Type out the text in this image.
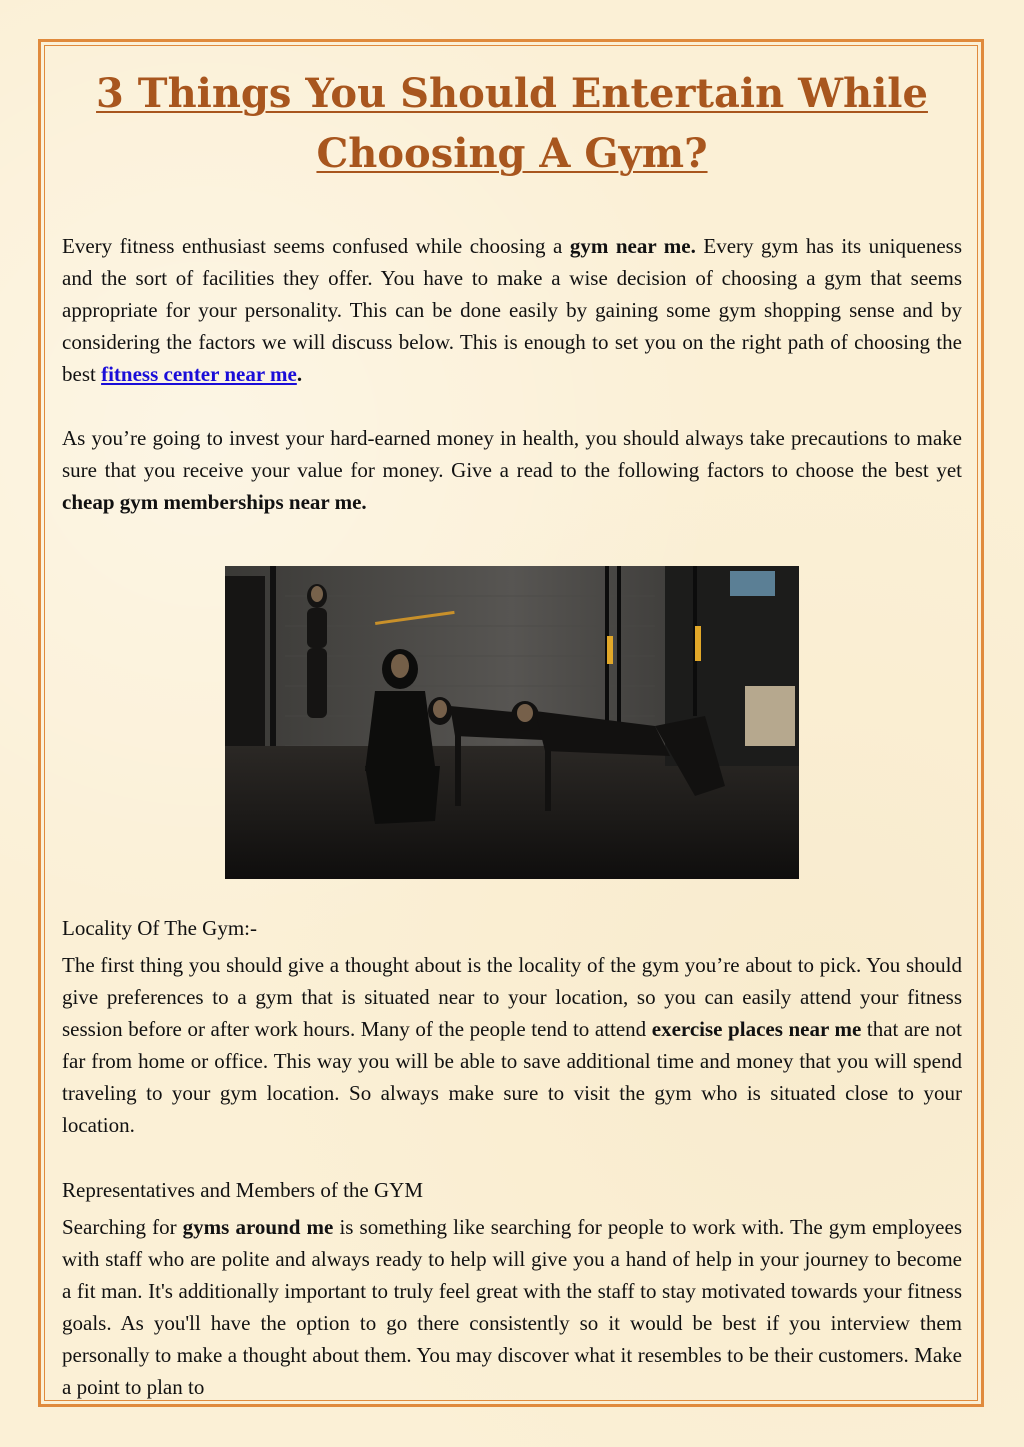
3 Things You Should Entertain While Choosing A Gym?

Every fitness enthusiast seems confused while choosing a gym near me. Every gym has its uniqueness and the sort of facilities they offer. You have to make a wise decision of choosing a gym that seems appropriate for your personality. This can be done easily by gaining some gym shopping sense and by considering the factors we will discuss below. This is enough to set you on the right path of choosing the best fitness center near me.

As you’re going to invest your hard-earned money in health, you should always take precautions to make sure that you receive your value for money. Give a read to the following factors to choose the best yet cheap gym memberships near me.

Locality Of The Gym:-

The first thing you should give a thought about is the locality of the gym you’re about to pick. You should give preferences to a gym that is situated near to your location, so you can easily attend your fitness session before or after work hours. Many of the people tend to attend exercise places near me that are not far from home or office. This way you will be able to save additional time and money that you will spend traveling to your gym location. So always make sure to visit the gym who is situated close to your location.

Representatives and Members of the GYM

Searching for gyms around me is something like searching for people to work with. The gym employees with staff who are polite and always ready to help will give you a hand of help in your journey to become a fit man. It's additionally important to truly feel great with the staff to stay motivated towards your fitness goals. As you'll have the option to go there consistently so it would be best if you interview them personally to make a thought about them. You may discover what it resembles to be their customers. Make a point to plan to
